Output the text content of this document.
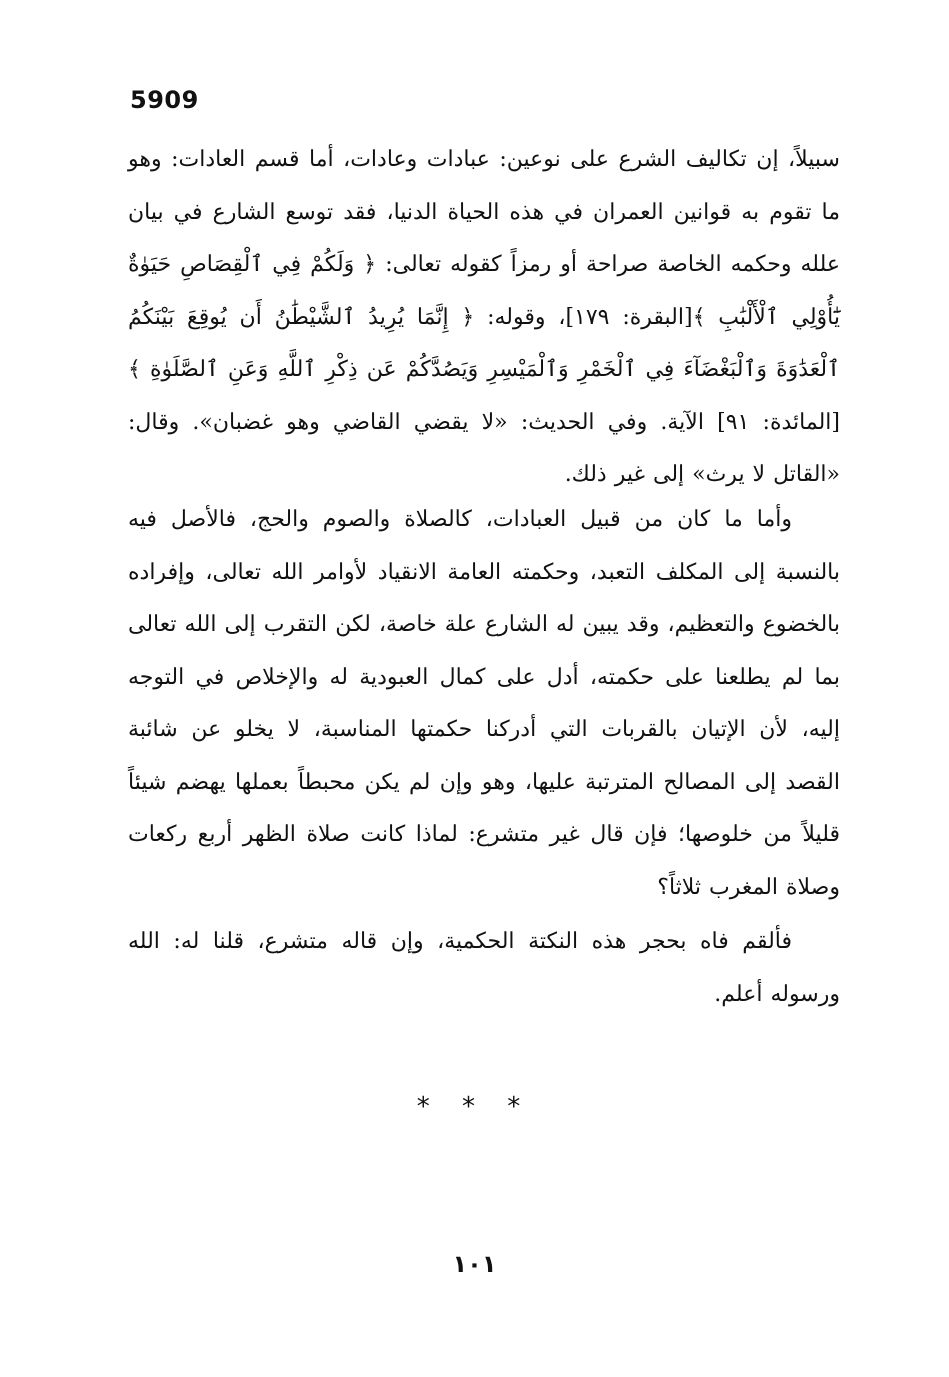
5909
سبيلاً، إن تكاليف الشرع على نوعين: عبادات وعادات، أما قسم العادات: وهو ما تقوم به قوانين العمران في هذه الحياة الدنيا، فقد توسع الشارع في بيان علله وحكمه الخاصة صراحة أو رمزاً كقوله تعالى: ﴿ وَلَكُمْ فِي ٱلْقِصَاصِ حَيَوٰةٌ يَٰٓأُوْلِي ٱلْأَلْبَٰبِ ﴾[البقرة: ١٧٩]، وقوله: ﴿ إِنَّمَا يُرِيدُ ٱلشَّيْطَٰنُ أَن يُوقِعَ بَيْنَكُمُ ٱلْعَدَٰوَةَ وَٱلْبَغْضَآءَ فِي ٱلْخَمْرِ وَٱلْمَيْسِرِ وَيَصُدَّكُمْ عَن ذِكْرِ ٱللَّهِ وَعَنِ ٱلصَّلَوٰةِ ﴾[المائدة: ٩١] الآية. وفي الحديث: «لا يقضي القاضي وهو غضبان». وقال: «القاتل لا يرث» إلى غير ذلك.
وأما ما كان من قبيل العبادات، كالصلاة والصوم والحج، فالأصل فيه بالنسبة إلى المكلف التعبد، وحكمته العامة الانقياد لأوامر الله تعالى، وإفراده بالخضوع والتعظيم، وقد يبين له الشارع علة خاصة، لكن التقرب إلى الله تعالى بما لم يطلعنا على حكمته، أدل على كمال العبودية له والإخلاص في التوجه إليه، لأن الإتيان بالقربات التي أدركنا حكمتها المناسبة، لا يخلو عن شائبة القصد إلى المصالح المترتبة عليها، وهو وإن لم يكن محبطاً بعملها يهضم شيئاً قليلاً من خلوصها؛ فإن قال غير متشرع: لماذا كانت صلاة الظهر أربع ركعات وصلاة المغرب ثلاثاً؟
فألقم فاه بحجر هذه النكتة الحكمية، وإن قاله متشرع، قلنا له: الله ورسوله أعلم.
* * *
١٠١
